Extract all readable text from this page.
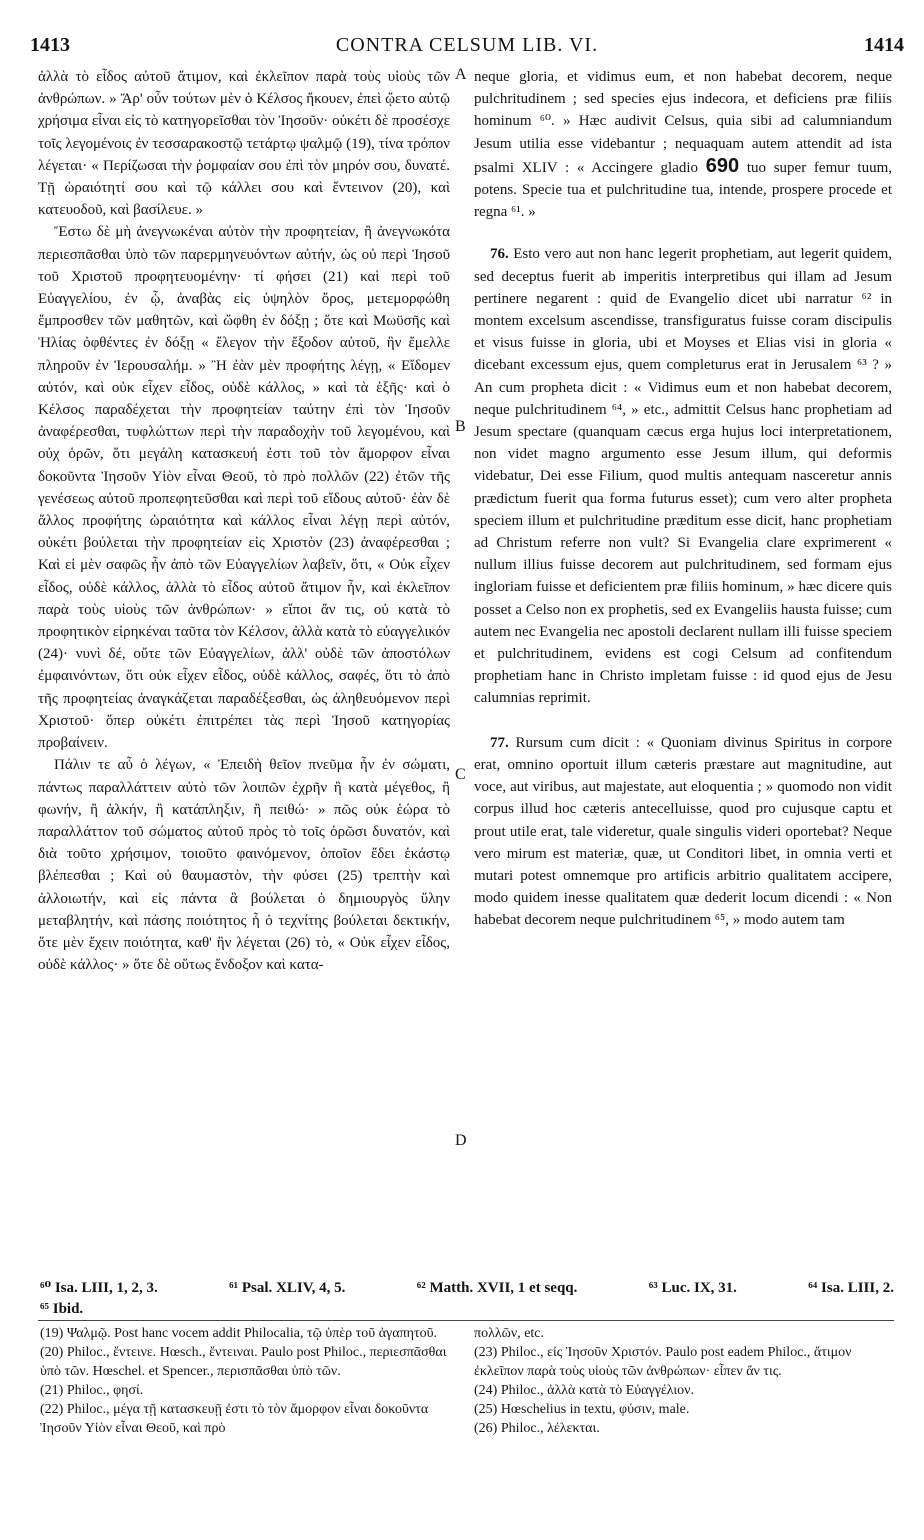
1413	CONTRA CELSUM LIB. VI.	1414

ἀλλὰ τὸ εἶδος αὐτοῦ ἄτιμον, καὶ ἐκλεῖπον παρὰ τοὺς υἱοὺς τῶν ἀνθρώπων. » Ἄρ' οὖν τούτων μὲν ὁ Κέλσος ἤκουεν, ἐπεὶ ᾤετο αὐτῷ χρήσιμα εἶναι εἰς τὸ κατηγορεῖσθαι τὸν Ἰησοῦν· οὐκέτι δὲ προσέσχε τοῖς λεγομένοις ἐν τεσσαρακοστῷ τετάρτῳ ψαλμῷ (19), τίνα τρόπον λέγεται· « Περίζωσαι τὴν ῥομφαίαν σου ἐπὶ τὸν μηρόν σου, δυνατέ. Τῇ ὡραιότητί σου καὶ τῷ κάλλει σου καὶ ἔντεινον (20), καὶ κατευοδοῦ, καὶ βασίλευε. »

Ἔστω δὲ μὴ ἀνεγνωκέναι αὐτὸν τὴν προφητείαν, ἢ ἀνεγνωκότα περιεσπᾶσθαι ὑπὸ τῶν παρερμηνευόντων αὐτήν, ὡς οὐ περὶ Ἰησοῦ τοῦ Χριστοῦ προφητευομένην· τί φήσει (21) καὶ περὶ τοῦ Εὐαγγελίου, ἐν ᾧ, ἀναβὰς εἰς ὑψηλὸν ὄρος, μετεμορφώθη ἔμπροσθεν τῶν μαθητῶν, καὶ ὤφθη ἐν δόξῃ ; ὅτε καὶ Μωϋσῆς καὶ Ἠλίας ὀφθέντες ἐν δόξῃ « ἔλεγον τὴν ἔξοδον αὐτοῦ, ἣν ἔμελλε πληροῦν ἐν Ἱερουσαλήμ. » Ἢ ἐὰν μὲν προφήτης λέγῃ, « Εἴδομεν αὐτόν, καὶ οὐκ εἶχεν εἶδος, οὐδὲ κάλλος, » καὶ τὰ ἑξῆς· καὶ ὁ Κέλσος παραδέχεται τὴν προφητείαν ταύτην ἐπὶ τὸν Ἰησοῦν ἀναφέρεσθαι, τυφλώττων περὶ τὴν παραδοχὴν τοῦ λεγομένου, καὶ οὐχ ὁρῶν, ὅτι μεγάλη κατασκευή ἐστι τοῦ τὸν ἄμορφον εἶναι δοκοῦντα Ἰησοῦν Υἱὸν εἶναι Θεοῦ, τὸ πρὸ πολλῶν (22) ἐτῶν τῆς γενέσεως αὐτοῦ προπεφητεῦσθαι καὶ περὶ τοῦ εἴδους αὐτοῦ· ἐὰν δὲ ἄλλος προφήτης ὡραιότητα καὶ κάλλος εἶναι λέγῃ περὶ αὐτόν, οὐκέτι βούλεται τὴν προφητείαν εἰς Χριστὸν (23) ἀναφέρεσθαι ; Καὶ εἰ μὲν σαφῶς ἦν ἀπὸ τῶν Εὐαγγελίων λαβεῖν, ὅτι, « Οὐκ εἶχεν εἶδος, οὐδὲ κάλλος, ἀλλὰ τὸ εἶδος αὐτοῦ ἄτιμον ἦν, καὶ ἐκλεῖπον παρὰ τοὺς υἱοὺς τῶν ἀνθρώπων· » εἴποι ἄν τις, οὐ κατὰ τὸ προφητικὸν εἰρηκέναι ταῦτα τὸν Κέλσον, ἀλλὰ κατὰ τὸ εὐαγγελικόν (24)· νυνὶ δέ, οὔτε τῶν Εὐαγγελίων, ἀλλ' οὐδὲ τῶν ἀποστόλων ἐμφαινόντων, ὅτι οὐκ εἶχεν εἶδος, οὐδὲ κάλλος, σαφές, ὅτι τὸ ἀπὸ τῆς προφητείας ἀναγκάζεται παραδέξεσθαι, ὡς ἀληθευόμενον περὶ Χριστοῦ· ὅπερ οὐκέτι ἐπιτρέπει τὰς περὶ Ἰησοῦ κατηγορίας προβαίνειν.

Πάλιν τε αὖ ὁ λέγων, « Ἐπειδὴ θεῖον πνεῦμα ἦν ἐν σώματι, πάντως παραλλάττειν αὐτὸ τῶν λοιπῶν ἐχρῆν ἢ κατὰ μέγεθος, ἢ φωνήν, ἢ ἀλκήν, ἢ κατάπληξιν, ἢ πειθώ· » πῶς οὐκ ἑώρα τὸ παραλλάττον τοῦ σώματος αὐτοῦ πρὸς τὸ τοῖς ὁρῶσι δυνατόν, καὶ διὰ τοῦτο χρήσιμον, τοιοῦτο φαινόμενον, ὁποῖον ἔδει ἑκάστῳ βλέπεσθαι ; Καὶ οὐ θαυμαστὸν, τὴν φύσει (25) τρεπτὴν καὶ ἀλλοιωτήν, καὶ εἰς πάντα ἃ βούλεται ὁ δημιουργὸς ὕλην μεταβλητήν, καὶ πάσης ποιότητος ἧ ὁ τεχνίτης βούλεται δεκτικήν, ὅτε μὲν ἔχειν ποιότητα, καθ' ἣν λέγεται (26) τὸ, « Οὐκ εἶχεν εἶδος, οὐδὲ κάλλος· » ὅτε δὲ οὕτως ἔνδοξον καὶ κατα-

neque gloria, et vidimus eum, et non habebat decorem, neque pulchritudinem ; sed species ejus indecora, et deficiens præ filiis hominum ⁶⁰. » Hæc audivit Celsus, quia sibi ad calumniandum Jesum utilia esse videbantur ; nequaquam autem attendit ad ista psalmi XLIV : « Accingere gladio 690 tuo super femur tuum, potens. Specie tua et pulchritudine tua, intende, prospere procede et regna ⁶¹. »

76. Esto vero aut non hanc legerit prophetiam, aut legerit quidem, sed deceptus fuerit ab imperitis interpretibus qui illam ad Jesum pertinere negarent : quid de Evangelio dicet ubi narratur ⁶² in montem excelsum ascendisse, transfiguratus fuisse coram discipulis et visus fuisse in gloria, ubi et Moyses et Elias visi in gloria « dicebant excessum ejus, quem completurus erat in Jerusalem ⁶³ ? » An cum propheta dicit : « Vidimus eum et non habebat decorem, neque pulchritudinem ⁶⁴, » etc., admittit Celsus hanc prophetiam ad Jesum spectare (quanquam cæcus erga hujus loci interpretationem, non videt magno argumento esse Jesum illum, qui deformis videbatur, Dei esse Filium, quod multis antequam nasceretur annis prædictum fuerit qua forma futurus esset); cum vero alter propheta speciem illum et pulchritudine præditum esse dicit, hanc prophetiam ad Christum referre non vult? Si Evangelia clare exprimerent « nullum illius fuisse decorem aut pulchritudinem, sed formam ejus ingloriam fuisse et deficientem præ filiis hominum, » hæc dicere quis posset a Celso non ex prophetis, sed ex Evangeliis hausta fuisse; cum autem nec Evangelia nec apostoli declarent nullam illi fuisse speciem et pulchritudinem, evidens est cogi Celsum ad confitendum prophetiam hanc in Christo impletam fuisse : id quod ejus de Jesu calumnias reprimit.

77. Rursum cum dicit : « Quoniam divinus Spiritus in corpore erat, omnino oportuit illum cæteris præstare aut magnitudine, aut voce, aut viribus, aut majestate, aut eloquentia ; » quomodo non vidit corpus illud hoc cæteris antecelluisse, quod pro cujusque captu et prout utile erat, tale videretur, quale singulis videri oportebat? Neque vero mirum est materiæ, quæ, ut Conditori libet, in omnia verti et mutari potest omnemque pro artificis arbitrio qualitatem accipere, modo quidem inesse qualitatem quæ dederit locum dicendi : « Non habebat decorem neque pulchritudinem ⁶⁵, » modo autem tam

A
B
C
D
⁶⁰ Isa. LIII, 1, 2, 3.	⁶¹ Psal. XLIV, 4, 5.	⁶² Matth. XVII, 1 et seqq.	⁶³ Luc. IX, 31.	⁶⁴ Isa. LIII, 2.
⁶⁵ Ibid.

(19) Ψαλμῷ. Post hanc vocem addit Philocalia, τῷ ὑπὲρ τοῦ ἀγαπητοῦ.

(20) Philoc., ἔντεινε. Hœsch., ἔντειναι. Paulo post Philoc., περιεσπᾶσθαι ὑπὸ τῶν. Hœschel. et Spencer., περισπᾶσθαι ὑπὸ τῶν.

(21) Philoc., φησί.

(22) Philoc., μέγα τῇ κατασκευῇ ἐστι τὸ τὸν ἄμορφον εἶναι δοκοῦντα Ἰησοῦν Υἱὸν εἶναι Θεοῦ, καὶ πρὸ

πολλῶν, etc.

(23) Philoc., εἰς Ἰησοῦν Χριστόν. Paulo post eadem Philoc., ἄτιμον ἐκλεῖπον παρὰ τοὺς υἱοὺς τῶν ἀνθρώπων· εἶπεν ἄν τις.

(24) Philoc., ἀλλὰ κατὰ τὸ Εὐαγγέλιον.

(25) Hœschelius in textu, φύσιν, male.

(26) Philoc., λέλεκται.
